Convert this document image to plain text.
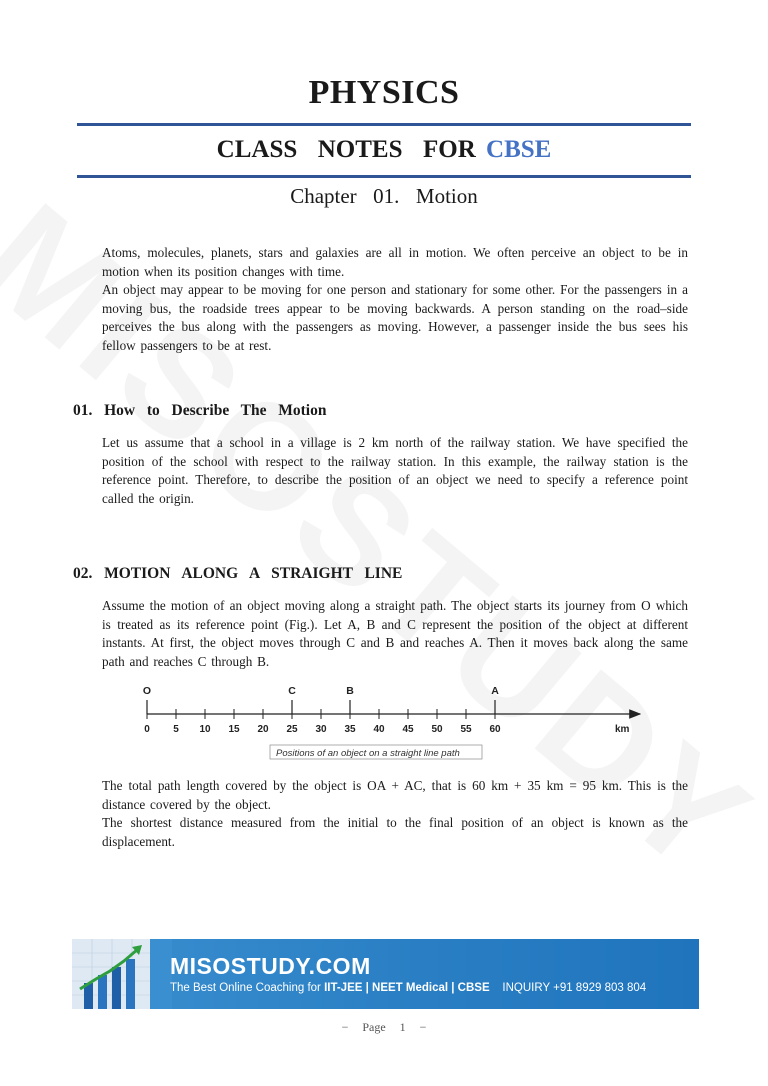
PHYSICS
CLASS  NOTES  FOR CBSE
Chapter  01.  Motion

Atoms, molecules, planets, stars and galaxies are all in motion. We often perceive an object to be in motion when its position changes with time.

An object may appear to be moving for one person and stationary for some other. For the passengers in a moving bus, the roadside trees appear to be moving backwards. A person standing on the road–side perceives the bus along with the passengers as moving. However, a passenger inside the bus sees his fellow passengers to be at rest.

01.  How  to  Describe  The  Motion

Let us assume that a school in a village is 2 km north of the railway station. We have specified the position of the school with respect to the railway station. In this example, the railway station is the reference point. Therefore, to describe the position of an object we need to specify a reference point called the origin.

02.  MOTION  ALONG  A  STRAIGHT  LINE

Assume the motion of an object moving along a straight path. The object starts its journey from O which is treated as its reference point (Fig.). Let A, B and C represent the position of the object at different instants. At first, the object moves through C and B and reaches A. Then it moves back along the same path and reaches C through B.

0 5 10 15 20 25 30 35 40 45 50 55 60
O	C	B	A
km
Positions of an object on a straight line path

The total path length covered by the object is OA + AC, that is 60 km + 35 km = 95 km. This is the distance covered by the object.

The shortest distance measured from the initial to the final position of an object is known as the displacement.

MISOSTUDY.COM
The Best Online Coaching for IIT-JEE | NEET Medical | CBSE INQUIRY +91 8929 803 804
−  Page  1  −
